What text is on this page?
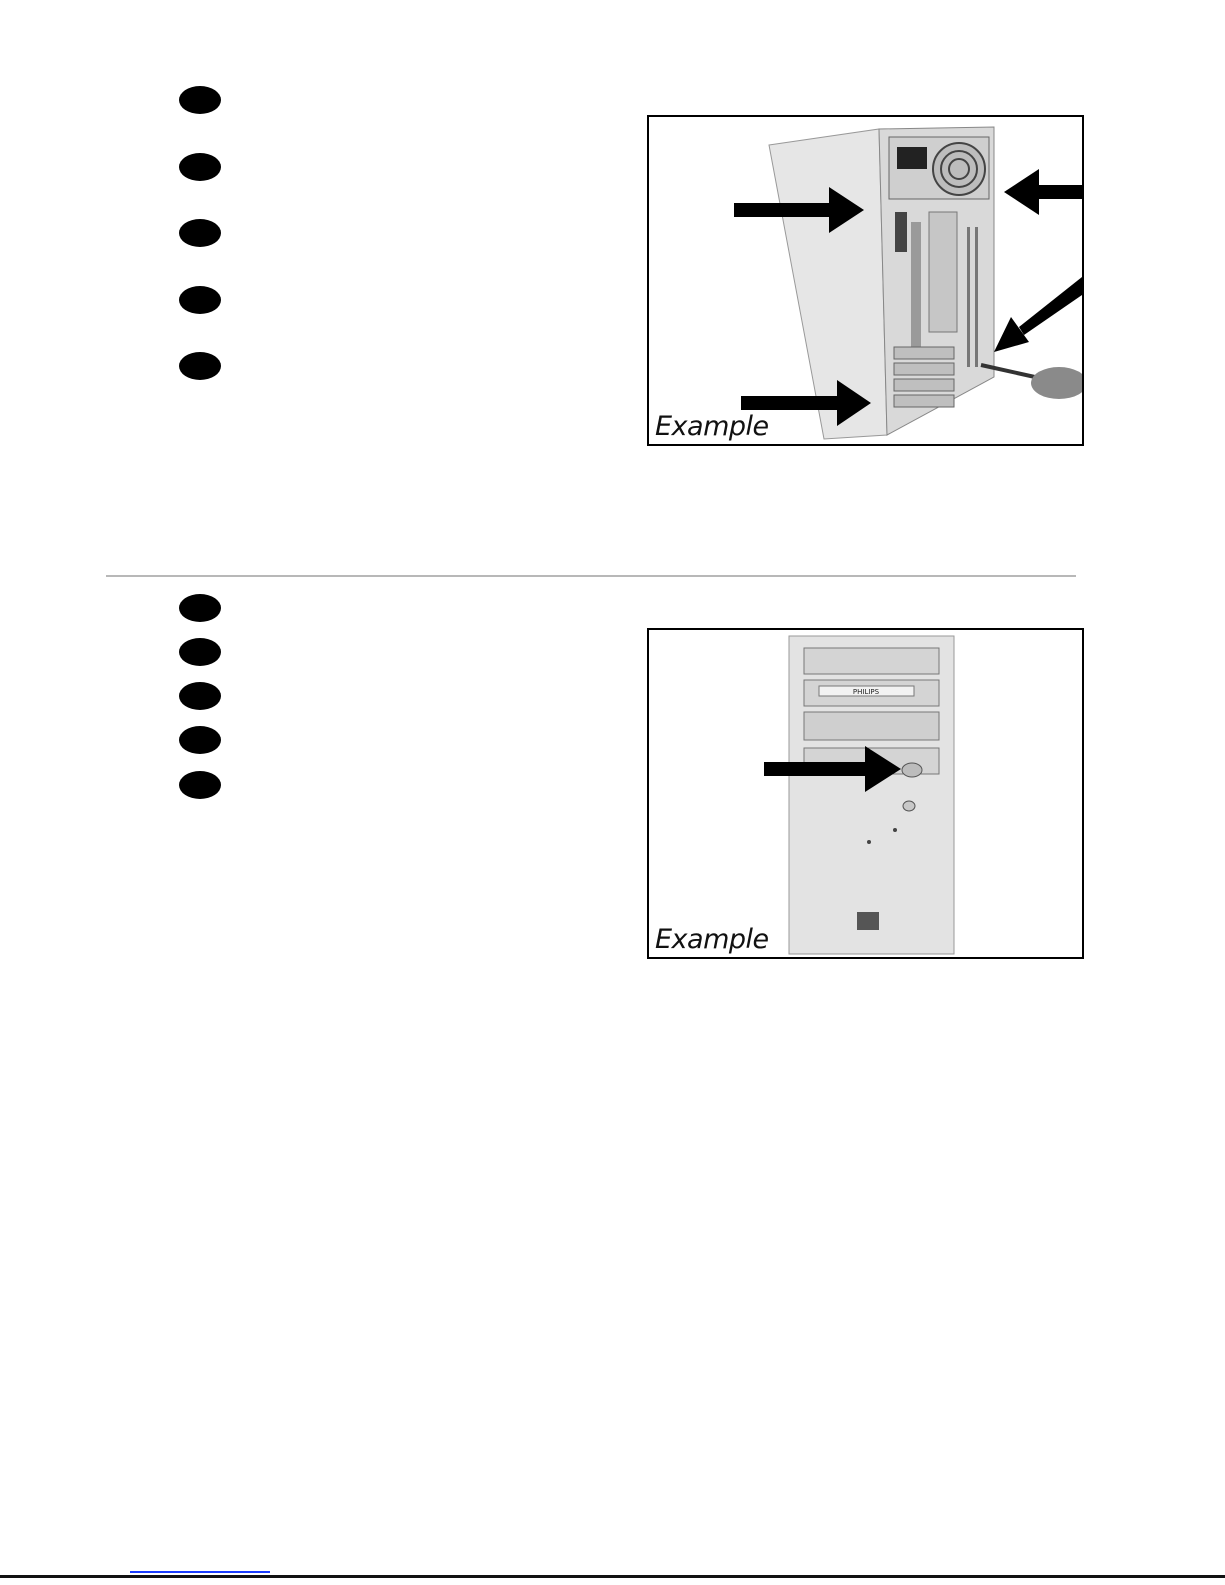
Example
PHILIPS
Example
